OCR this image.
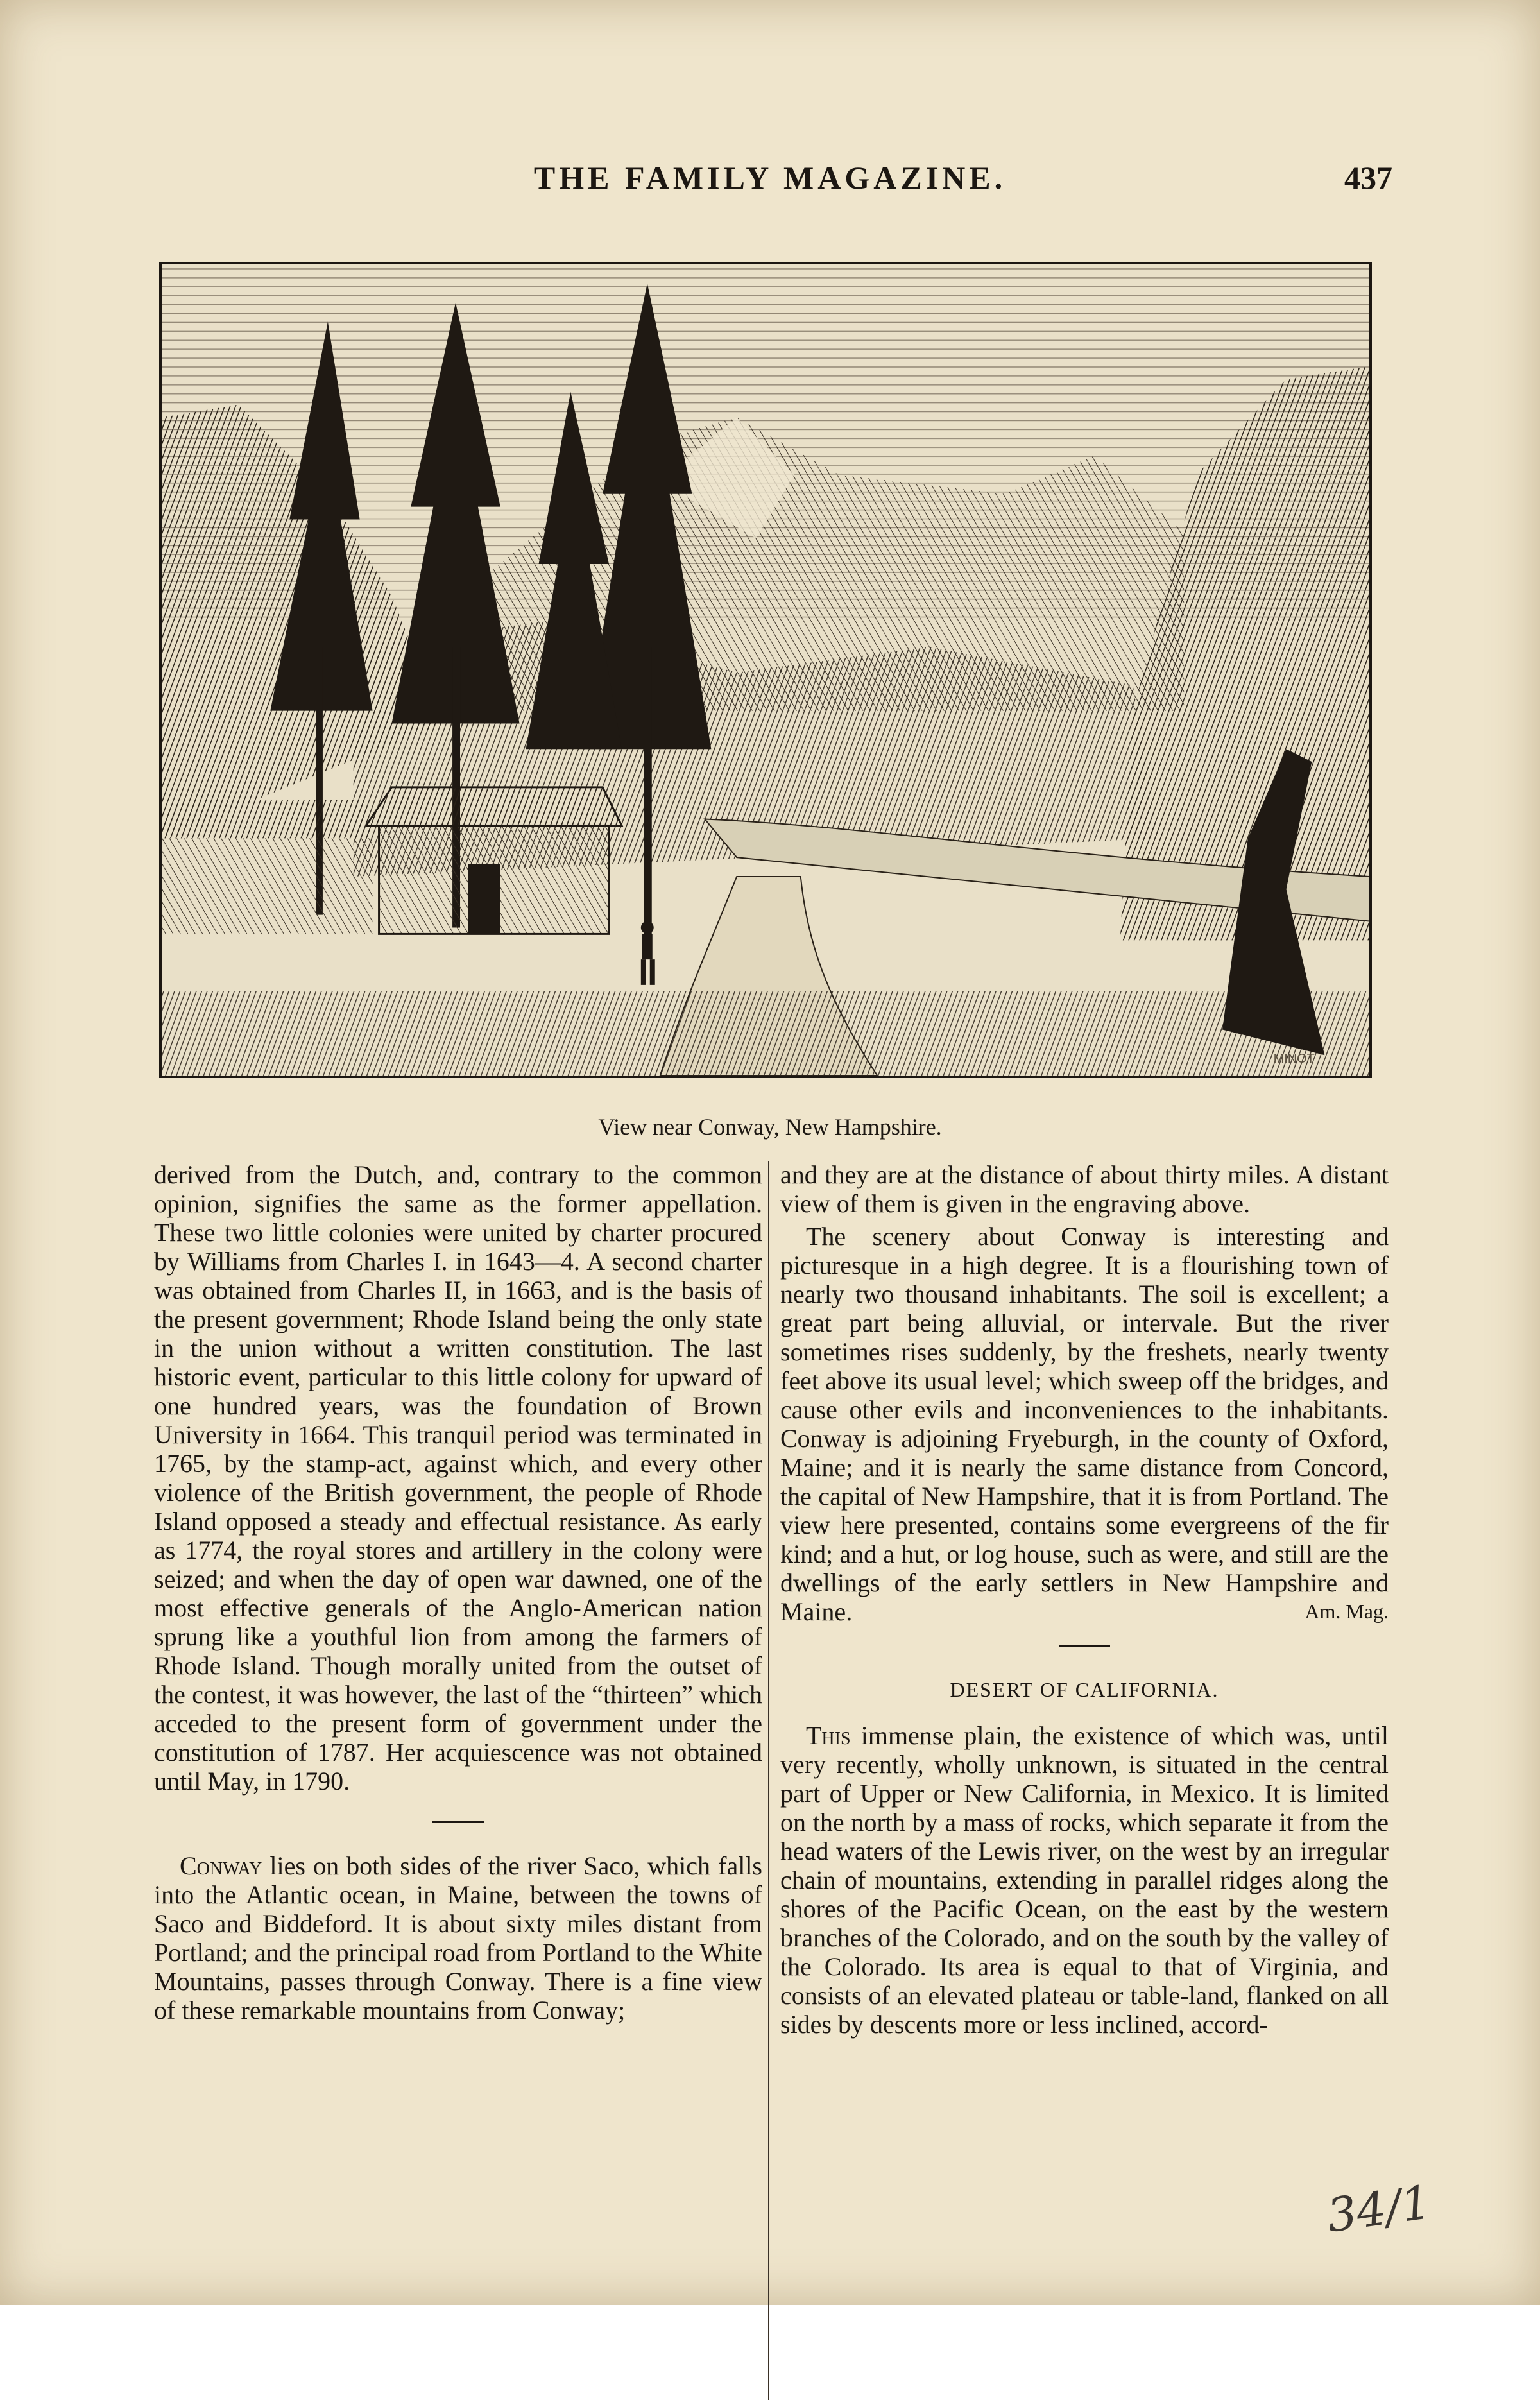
THE FAMILY MAGAZINE.	437
MINOT
View near Conway, New Hampshire.

derived from the Dutch, and, contrary to the common opinion, signifies the same as the former appellation. These two little colonies were united by charter procured by Williams from Charles I. in 1643—4. A second charter was obtained from Charles II, in 1663, and is the basis of the present government; Rhode Island being the only state in the union without a written constitution. The last historic event, particular to this little colony for upward of one hundred years, was the foundation of Brown University in 1664. This tranquil period was terminated in 1765, by the stamp-act, against which, and every other violence of the British government, the people of Rhode Island opposed a steady and effectual resistance. As early as 1774, the royal stores and artillery in the colony were seized; and when the day of open war dawned, one of the most effective generals of the Anglo-American nation sprung like a youthful lion from among the farmers of Rhode Island. Though morally united from the outset of the contest, it was however, the last of the “thirteen” which acceded to the present form of government under the constitution of 1787. Her acquiescence was not obtained until May, in 1790.

Conway lies on both sides of the river Saco, which falls into the Atlantic ocean, in Maine, between the towns of Saco and Biddeford. It is about sixty miles distant from Portland; and the principal road from Portland to the White Mountains, passes through Conway. There is a fine view of these remarkable mountains from Conway;

and they are at the distance of about thirty miles. A distant view of them is given in the engraving above.

The scenery about Conway is interesting and picturesque in a high degree. It is a flourishing town of nearly two thousand inhabitants. The soil is excellent; a great part being alluvial, or intervale. But the river sometimes rises suddenly, by the freshets, nearly twenty feet above its usual level; which sweep off the bridges, and cause other evils and inconveniences to the inhabitants. Conway is adjoining Fryeburgh, in the county of Oxford, Maine; and it is nearly the same distance from Concord, the capital of New Hampshire, that it is from Portland. The view here presented, contains some evergreens of the fir kind; and a hut, or log house, such as were, and still are the dwellings of the early settlers in New Hampshire and Maine.	Am. Mag.

DESERT OF CALIFORNIA.

This immense plain, the existence of which was, until very recently, wholly unknown, is situated in the central part of Upper or New California, in Mexico. It is limited on the north by a mass of rocks, which separate it from the head waters of the Lewis river, on the west by an irregular chain of mountains, extending in parallel ridges along the shores of the Pacific Ocean, on the east by the western branches of the Colorado, and on the south by the valley of the Colorado. Its area is equal to that of Virginia, and consists of an elevated plateau or table-land, flanked on all sides by descents more or less inclined, accord-

34/1
